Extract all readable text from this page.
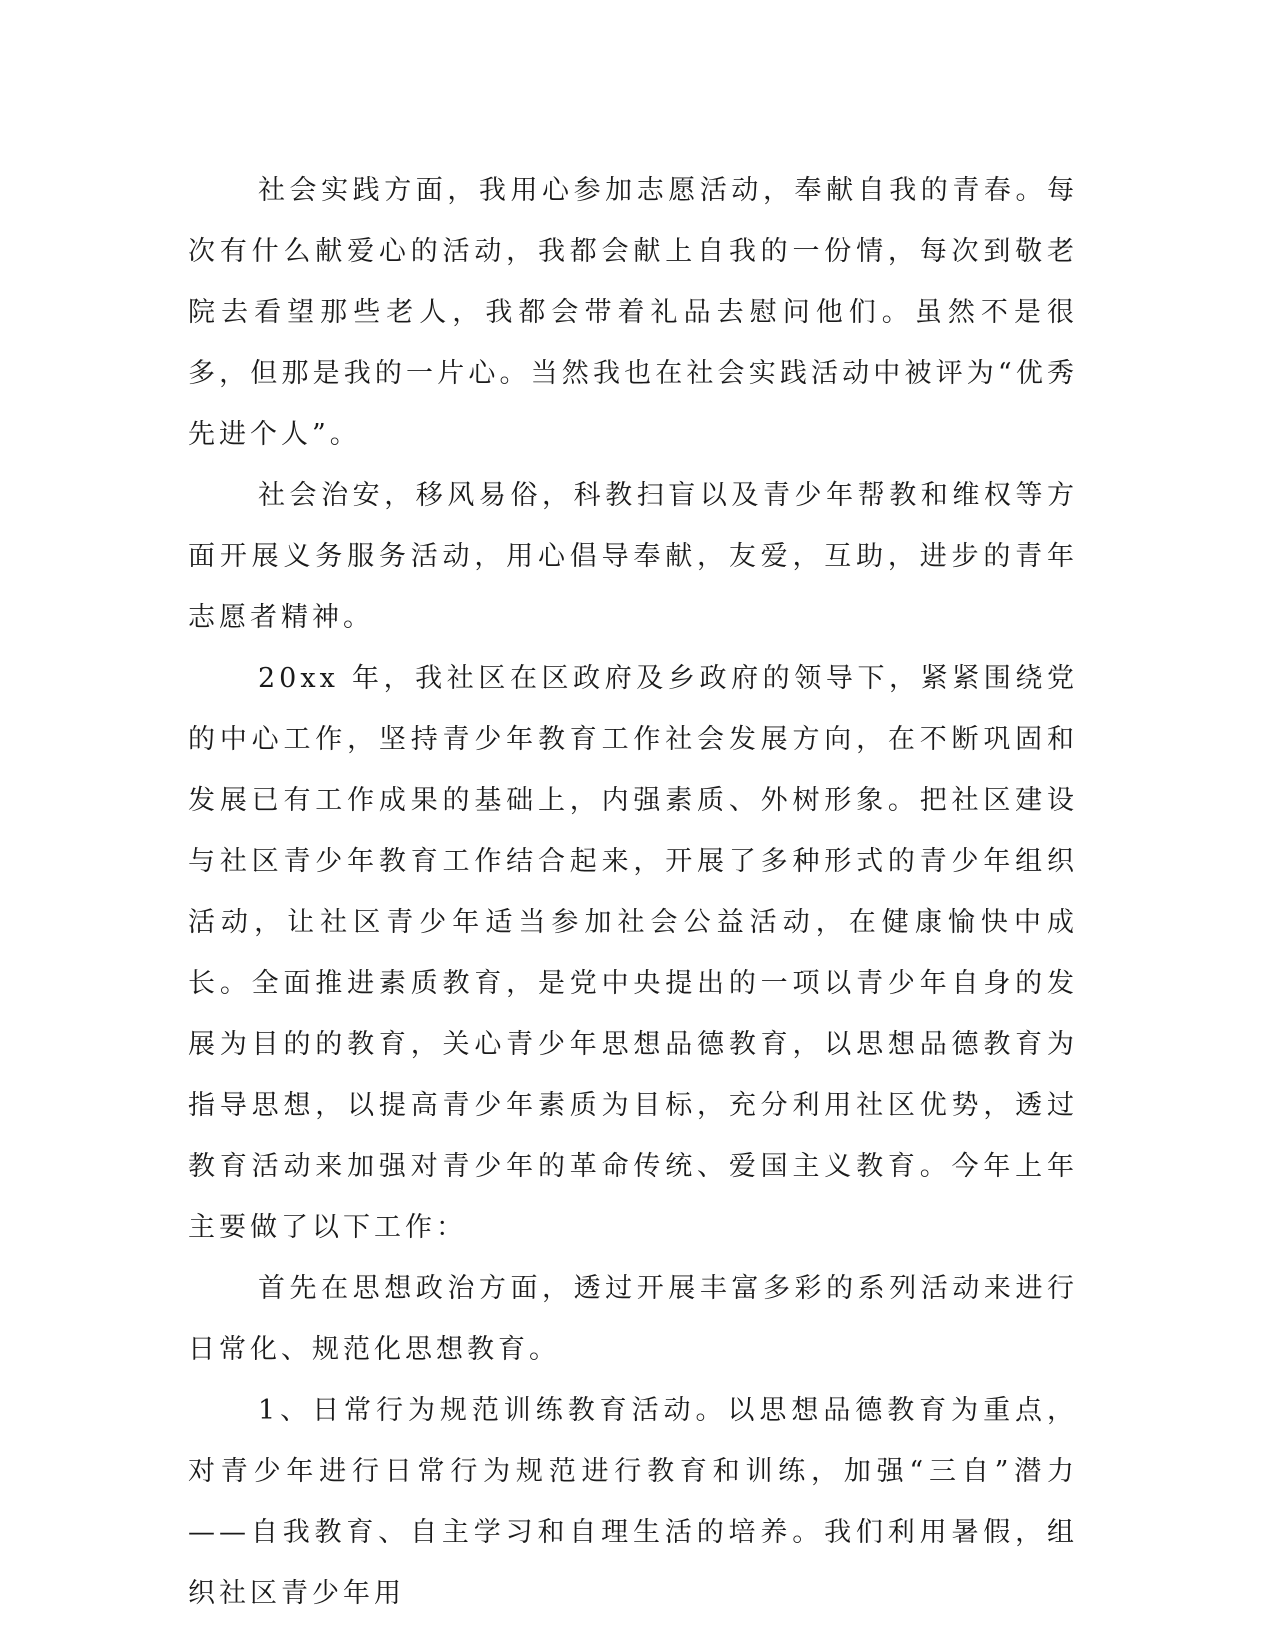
社会实践方面，我用心参加志愿活动，奉献自我的青春。每次有什么献爱心的活动，我都会献上自我的一份情，每次到敬老院去看望那些老人，我都会带着礼品去慰问他们。虽然不是很多，但那是我的一片心。当然我也在社会实践活动中被评为“优秀先进个人”。

社会治安，移风易俗，科教扫盲以及青少年帮教和维权等方面开展义务服务活动，用心倡导奉献，友爱，互助，进步的青年志愿者精神。

20xx 年，我社区在区政府及乡政府的领导下，紧紧围绕党的中心工作，坚持青少年教育工作社会发展方向，在不断巩固和发展已有工作成果的基础上，内强素质、外树形象。把社区建设与社区青少年教育工作结合起来，开展了多种形式的青少年组织活动，让社区青少年适当参加社会公益活动，在健康愉快中成长。全面推进素质教育，是党中央提出的一项以青少年自身的发展为目的的教育，关心青少年思想品德教育，以思想品德教育为指导思想，以提高青少年素质为目标，充分利用社区优势，透过教育活动来加强对青少年的革命传统、爱国主义教育。今年上年主要做了以下工作：

首先在思想政治方面，透过开展丰富多彩的系列活动来进行日常化、规范化思想教育。

1、日常行为规范训练教育活动。以思想品德教育为重点，对青少年进行日常行为规范进行教育和训练，加强“三自”潜力——自我教育、自主学习和自理生活的培养。我们利用暑假，组织社区青少年用
